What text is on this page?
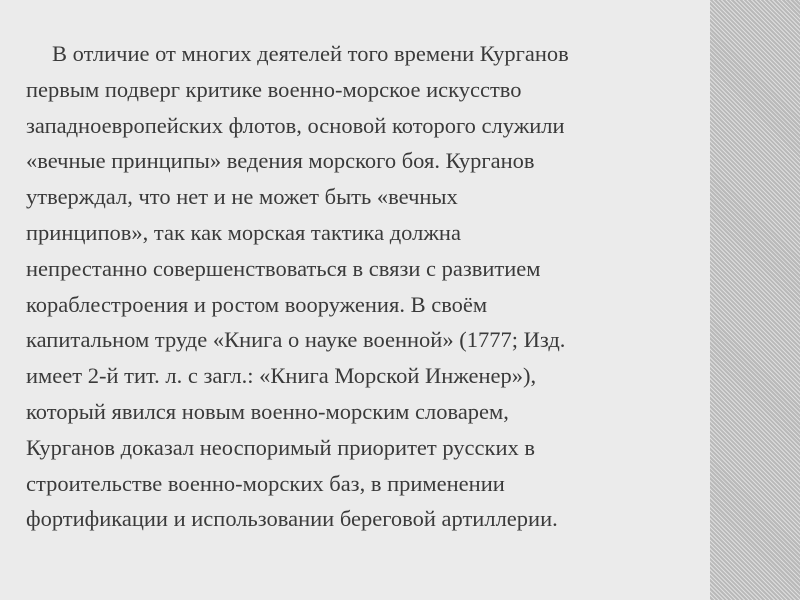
В отличие от многих деятелей того времени Курганов
первым подверг критике военно-морское искусство
западноевропейских флотов, основой которого служили
«вечные принципы» ведения морского боя. Курганов
утверждал, что нет и не может быть «вечных
принципов», так как морская тактика должна
непрестанно совершенствоваться в связи с развитием
кораблестроения и ростом вооружения. В своём
капитальном труде «Книга о науке военной» (1777; Изд.
имеет 2-й тит. л. с загл.: «Книга Морской Инженер»),
который явился новым военно-морским словарем,
Курганов доказал неоспоримый приоритет русских в
строительстве военно-морских баз, в применении
фортификации и использовании береговой артиллерии.
